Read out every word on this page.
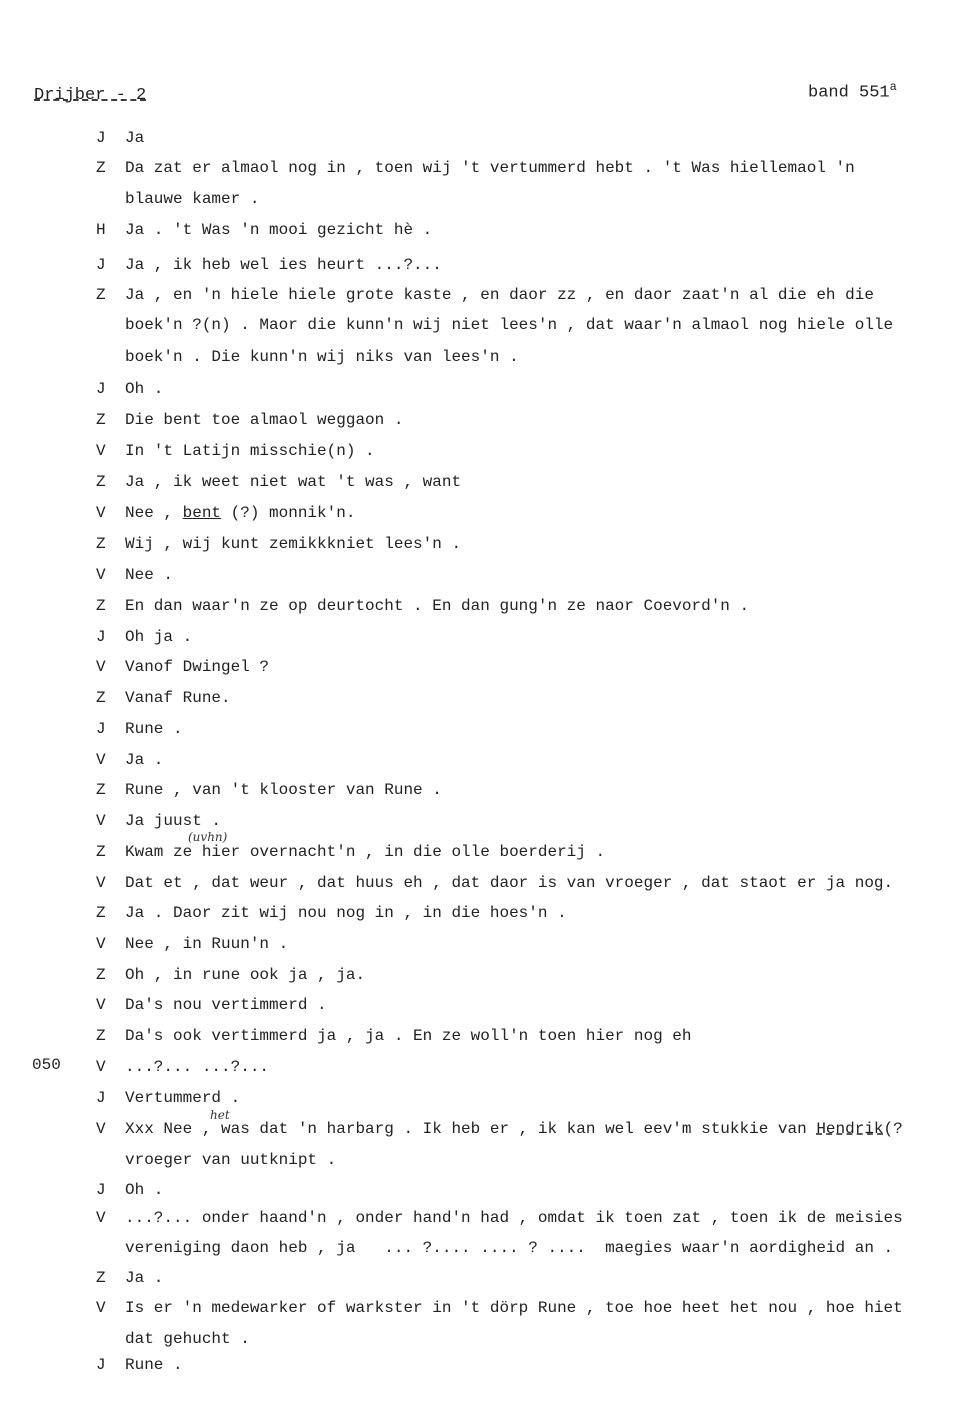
Drijber - 2	band 551$^a$
050
J Ja
Z Da zat er almaol nog in , toen wij 't vertummerd hebt . 't Was hiellemaol 'n
blauwe kamer .
H Ja . 't Was 'n mooi gezicht hè .
J Ja , ik heb wel ies heurt ...?...
Z Ja , en 'n hiele hiele grote kaste , en daor zz , en daor zaat'n al die eh die
boek'n ?(n) . Maor die kunn'n wij niet lees'n , dat waar'n almaol nog hiele olle
boek'n . Die kunn'n wij niks van lees'n .
J Oh .
Z Die bent toe almaol weggaon .
V In 't Latijn misschie(n) .
Z Ja , ik weet niet wat 't was , want
V Nee , bent (?) monnik'n.
Z Wij , wij kunt zemikkkniet lees'n .
V Nee .
Z En dan waar'n ze op deurtocht . En dan gung'n ze naor Coevord'n .
J Oh ja .
V Vanof Dwingel ?
Z Vanaf Rune.
J Rune .
V Ja .
Z Rune , van 't klooster van Rune .
V Ja juust .
Z Kwam ze hier overnacht'n , in die olle boerderij .
V Dat et , dat weur , dat huus eh , dat daor is van vroeger , dat staot er ja nog.
Z Ja . Daor zit wij nou nog in , in die hoes'n .
V Nee , in Ruun'n .
Z Oh , in rune ook ja , ja.
V Da's nou vertimmerd .
Z Da's ook vertimmerd ja , ja . En ze woll'n toen hier nog eh
V ...?... ...?...
J Vertummerd .
V Xxx Nee , was dat 'n harbarg . Ik heb er , ik kan wel eev'm stukkie van Hendrik(?
vroeger van uutknipt .
J Oh .
V ...?... onder haand'n , onder hand'n had , omdat ik toen zat , toen ik de meisies
vereniging daon heb , ja   ... ?.... .... ? ....  maegies waar'n aordigheid an .
Z Ja .
V Is er 'n medewarker of warkster in 't dörp Rune , toe hoe heet het nou , hoe hiet
dat gehucht .
J Rune .
(uvhn)
het
